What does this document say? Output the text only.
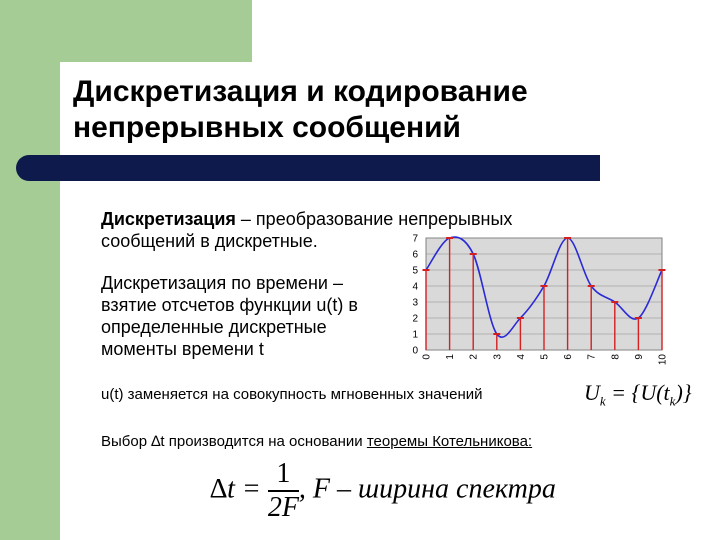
Дискретизация и кодирование
непрерывных сообщений
Дискретизация – преобразование непрерывных сообщений в дискретные.
Дискретизация по времени – взятие отсчетов функции u(t) в определенные дискретные моменты времени t	0
1
2
3
4
5
6
7
0 1 2 3 4 5 6 7 8 9 10
u(t) заменяется на совокупность мгновенных значений	$U_k = \{U(t_k)\}$
Выбор ∆t производится на основании теоремы Котельникова:
$\Delta t = \frac{1}{2F}$ , F – ширина спектра
